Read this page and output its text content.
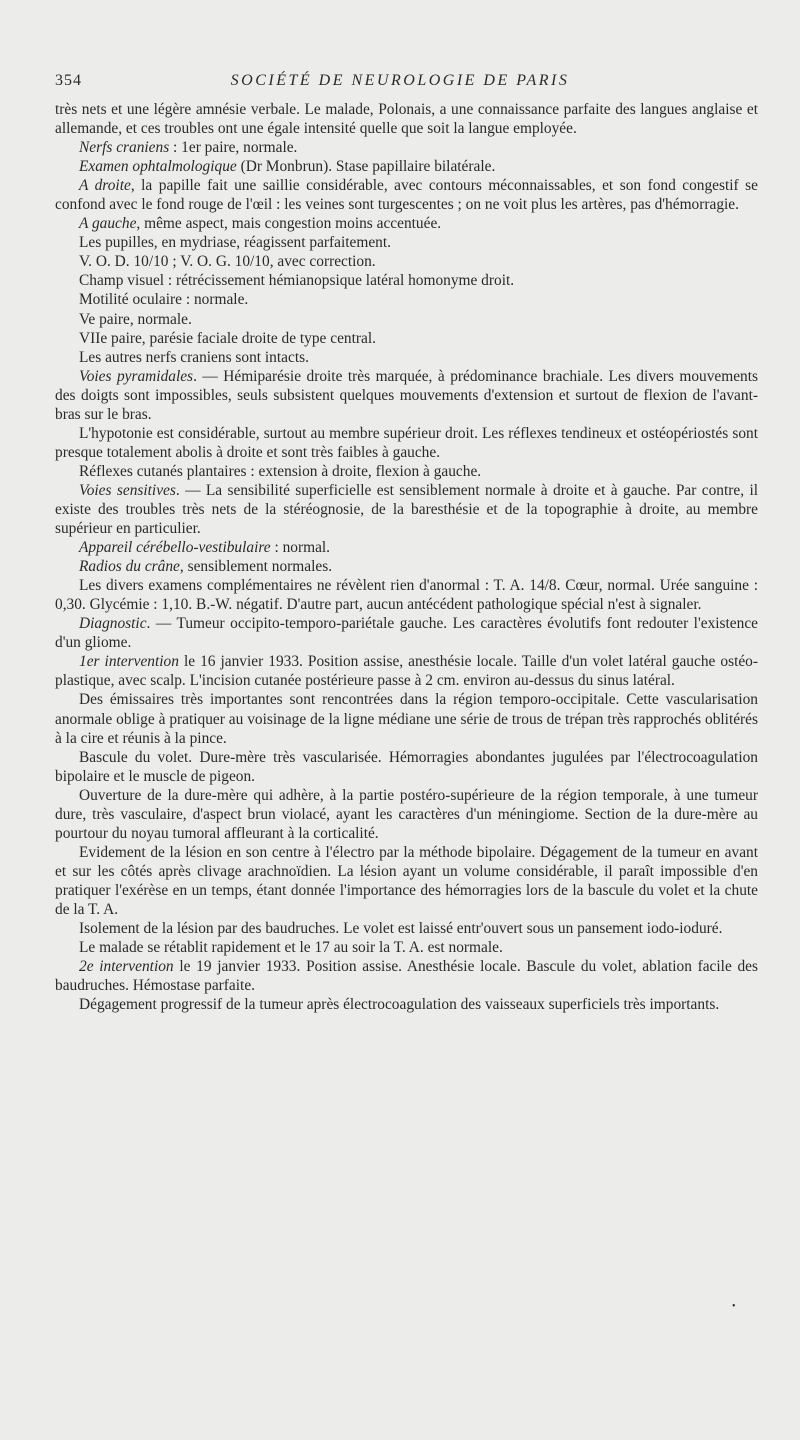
354	SOCIÉTÉ DE NEUROLOGIE DE PARIS

très nets et une légère amnésie verbale. Le malade, Polonais, a une connaissance parfaite des langues anglaise et allemande, et ces troubles ont une égale intensité quelle que soit la langue employée.

Nerfs craniens : 1er paire, normale.

Examen ophtalmologique (Dr Monbrun). Stase papillaire bilatérale.

A droite, la papille fait une saillie considérable, avec contours méconnaissables, et son fond congestif se confond avec le fond rouge de l'œil : les veines sont turgescentes ; on ne voit plus les artères, pas d'hémorragie.

A gauche, même aspect, mais congestion moins accentuée.

Les pupilles, en mydriase, réagissent parfaitement.

V. O. D. 10/10 ; V. O. G. 10/10, avec correction.

Champ visuel : rétrécissement hémianopsique latéral homonyme droit.

Motilité oculaire : normale.

Ve paire, normale.

VIIe paire, parésie faciale droite de type central.

Les autres nerfs craniens sont intacts.

Voies pyramidales. — Hémiparésie droite très marquée, à prédominance brachiale. Les divers mouvements des doigts sont impossibles, seuls subsistent quelques mouvements d'extension et surtout de flexion de l'avant-bras sur le bras.

L'hypotonie est considérable, surtout au membre supérieur droit. Les réflexes tendineux et ostéopériostés sont presque totalement abolis à droite et sont très faibles à gauche.

Réflexes cutanés plantaires : extension à droite, flexion à gauche.

Voies sensitives. — La sensibilité superficielle est sensiblement normale à droite et à gauche. Par contre, il existe des troubles très nets de la stéréognosie, de la baresthésie et de la topographie à droite, au membre supérieur en particulier.

Appareil cérébello-vestibulaire : normal.

Radios du crâne, sensiblement normales.

Les divers examens complémentaires ne révèlent rien d'anormal : T. A. 14/8. Cœur, normal. Urée sanguine : 0,30. Glycémie : 1,10. B.-W. négatif. D'autre part, aucun antécédent pathologique spécial n'est à signaler.

Diagnostic. — Tumeur occipito-temporo-pariétale gauche. Les caractères évolutifs font redouter l'existence d'un gliome.

1er intervention le 16 janvier 1933. Position assise, anesthésie locale. Taille d'un volet latéral gauche ostéo-plastique, avec scalp. L'incision cutanée postérieure passe à 2 cm. environ au-dessus du sinus latéral.

Des émissaires très importantes sont rencontrées dans la région temporo-occipitale. Cette vascularisation anormale oblige à pratiquer au voisinage de la ligne médiane une série de trous de trépan très rapprochés oblitérés à la cire et réunis à la pince.

Bascule du volet. Dure-mère très vascularisée. Hémorragies abondantes jugulées par l'électrocoagulation bipolaire et le muscle de pigeon.

Ouverture de la dure-mère qui adhère, à la partie postéro-supérieure de la région temporale, à une tumeur dure, très vasculaire, d'aspect brun violacé, ayant les caractères d'un méningiome. Section de la dure-mère au pourtour du noyau tumoral affleurant à la corticalité.

Evidement de la lésion en son centre à l'électro par la méthode bipolaire. Dégagement de la tumeur en avant et sur les côtés après clivage arachnoïdien. La lésion ayant un volume considérable, il paraît impossible d'en pratiquer l'exérèse en un temps, étant donnée l'importance des hémorragies lors de la bascule du volet et la chute de la T. A.

Isolement de la lésion par des baudruches. Le volet est laissé entr'ouvert sous un pansement iodo-ioduré.

Le malade se rétablit rapidement et le 17 au soir la T. A. est normale.

2e intervention le 19 janvier 1933. Position assise. Anesthésie locale. Bascule du volet, ablation facile des baudruches. Hémostase parfaite.

Dégagement progressif de la tumeur après électrocoagulation des vaisseaux superficiels très importants.

•
